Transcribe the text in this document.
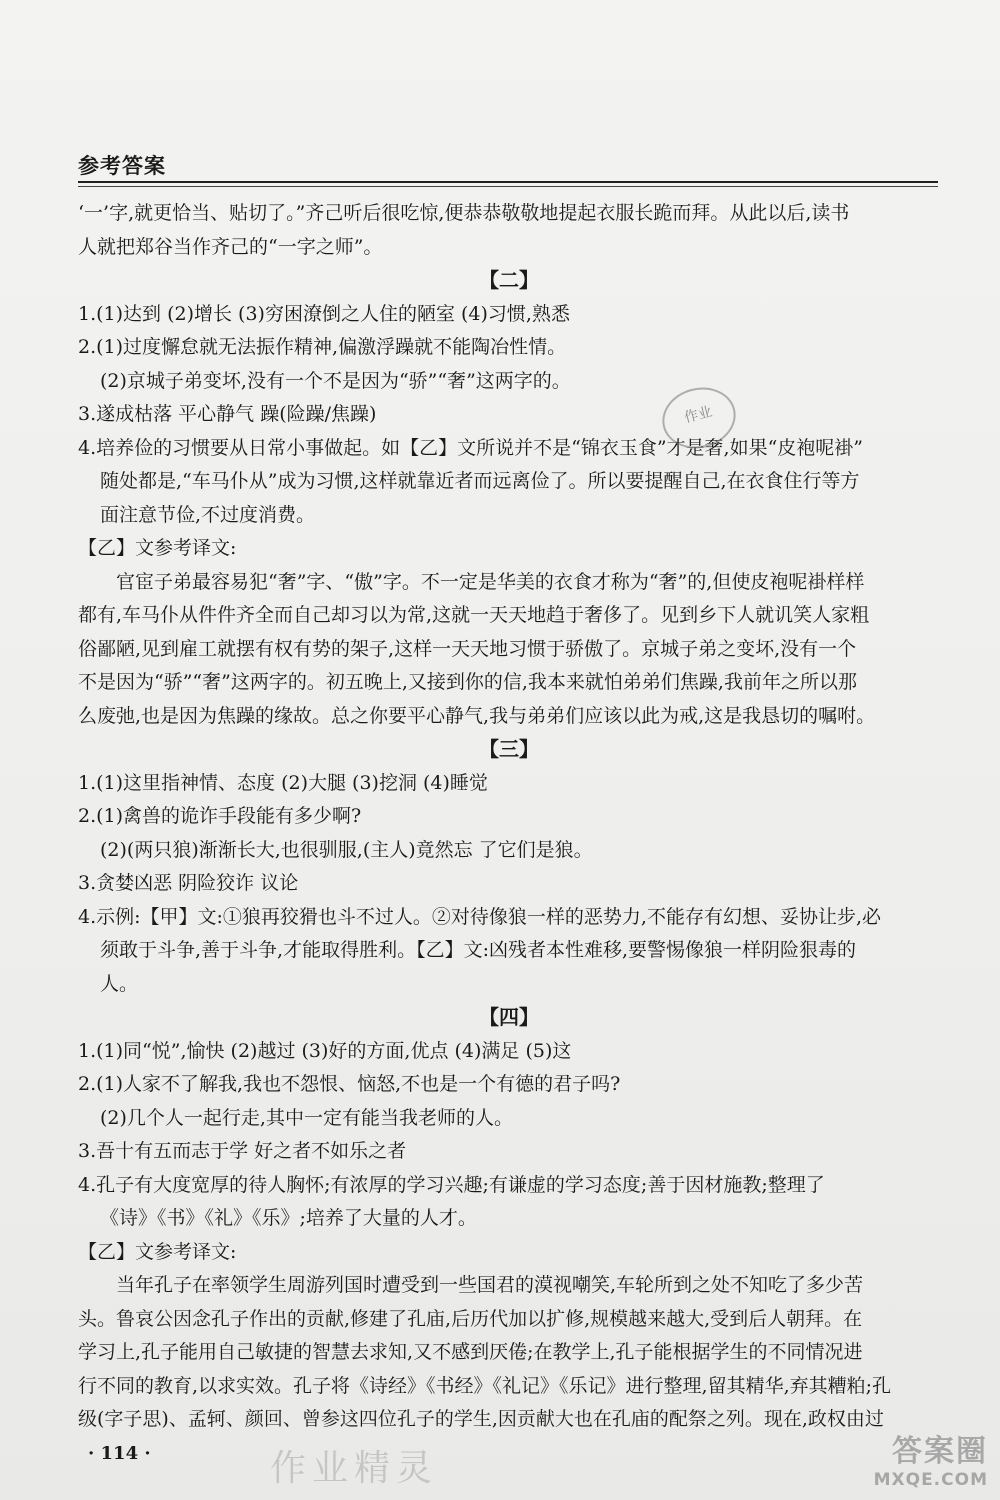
参考答案
‘一’字,就更恰当、贴切了。”齐己听后很吃惊,便恭恭敬敬地提起衣服长跪而拜。从此以后,读书
人就把郑谷当作齐己的“一字之师”。
【二】
1.(1)达到 (2)增长 (3)穷困潦倒之人住的陋室 (4)习惯,熟悉
2.(1)过度懈怠就无法振作精神,偏激浮躁就不能陶冶性情。
(2)京城子弟变坏,没有一个不是因为“骄”“奢”这两字的。
3.遂成枯落 平心静气 躁(险躁/焦躁)
4.培养俭的习惯要从日常小事做起。如【乙】文所说并不是“锦衣玉食”才是奢,如果“皮袍呢褂”
随处都是,“车马仆从”成为习惯,这样就靠近者而远离俭了。所以要提醒自己,在衣食住行等方
面注意节俭,不过度消费。
【乙】文参考译文:
官宦子弟最容易犯“奢”字、“傲”字。不一定是华美的衣食才称为“奢”的,但使皮袍呢褂样样
都有,车马仆从件件齐全而自己却习以为常,这就一天天地趋于奢侈了。见到乡下人就讥笑人家粗
俗鄙陋,见到雇工就摆有权有势的架子,这样一天天地习惯于骄傲了。京城子弟之变坏,没有一个
不是因为“骄”“奢”这两字的。初五晚上,又接到你的信,我本来就怕弟弟们焦躁,我前年之所以那
么废弛,也是因为焦躁的缘故。总之你要平心静气,我与弟弟们应该以此为戒,这是我恳切的嘱咐。
【三】
1.(1)这里指神情、态度 (2)大腿 (3)挖洞 (4)睡觉
2.(1)禽兽的诡诈手段能有多少啊?
(2)(两只狼)渐渐长大,也很驯服,(主人)竟然忘 了它们是狼。
3.贪婪凶恶 阴险狡诈 议论
4.示例:【甲】文:①狼再狡猾也斗不过人。②对待像狼一样的恶势力,不能存有幻想、妥协让步,必
须敢于斗争,善于斗争,才能取得胜利。【乙】文:凶残者本性难移,要警惕像狼一样阴险狠毒的
人。
【四】
1.(1)同“悦”,愉快 (2)越过 (3)好的方面,优点 (4)满足 (5)这
2.(1)人家不了解我,我也不怨恨、恼怒,不也是一个有德的君子吗?
(2)几个人一起行走,其中一定有能当我老师的人。
3.吾十有五而志于学 好之者不如乐之者
4.孔子有大度宽厚的待人胸怀;有浓厚的学习兴趣;有谦虚的学习态度;善于因材施教;整理了
《诗》《书》《礼》《乐》;培养了大量的人才。
【乙】文参考译文:
当年孔子在率领学生周游列国时遭受到一些国君的漠视嘲笑,车轮所到之处不知吃了多少苦
头。鲁哀公因念孔子作出的贡献,修建了孔庙,后历代加以扩修,规模越来越大,受到后人朝拜。在
学习上,孔子能用自己敏捷的智慧去求知,又不感到厌倦;在教学上,孔子能根据学生的不同情况进
行不同的教育,以求实效。孔子将《诗经》《书经》《礼记》《乐记》进行整理,留其精华,弃其糟粕;孔
级(字子思)、孟轲、颜回、曾参这四位孔子的学生,因贡献大也在孔庙的配祭之列。现在,政权由过
作业
作业精灵
· 114 ·	答案圈
MXQE.COM
